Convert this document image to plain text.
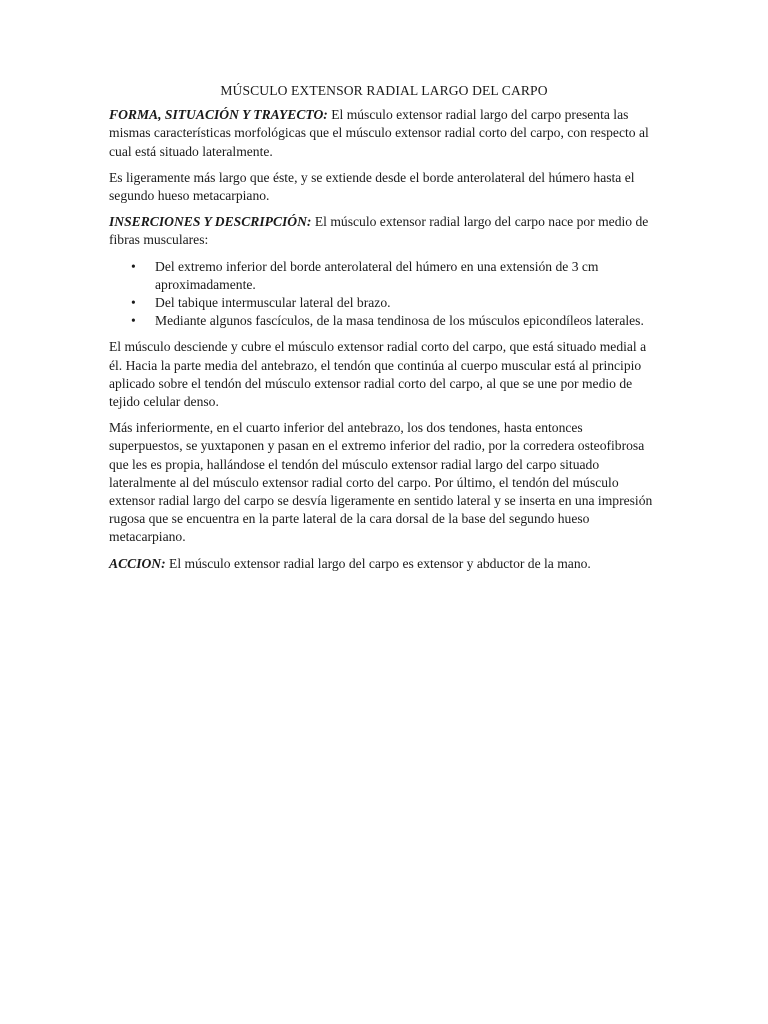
MÚSCULO EXTENSOR RADIAL LARGO DEL CARPO

FORMA, SITUACIÓN Y TRAYECTO: El músculo extensor radial largo del carpo presenta las mismas características morfológicas que el músculo extensor radial corto del carpo, con respecto al cual está situado lateralmente.

Es ligeramente más largo que éste, y se extiende desde el borde anterolateral del húmero hasta el segundo hueso metacarpiano.

INSERCIONES Y DESCRIPCIÓN: El músculo extensor radial largo del carpo nace por medio de fibras musculares:

• Del extremo inferior del borde anterolateral del húmero en una extensión de 3 cm aproximadamente.
• Del tabique intermuscular lateral del brazo.
• Mediante algunos fascículos, de la masa tendinosa de los músculos epicondíleos laterales.

El músculo desciende y cubre el músculo extensor radial corto del carpo, que está situado medial a él. Hacia la parte media del antebrazo, el tendón que continúa al cuerpo muscular está al principio aplicado sobre el tendón del músculo extensor radial corto del carpo, al que se une por medio de tejido celular denso.

Más inferiormente, en el cuarto inferior del antebrazo, los dos tendones, hasta entonces superpuestos, se yuxtaponen y pasan en el extremo inferior del radio, por la corredera osteofibrosa que les es propia, hallándose el tendón del músculo extensor radial largo del carpo situado lateralmente al del músculo extensor radial corto del carpo. Por último, el tendón del músculo extensor radial largo del carpo se desvía ligeramente en sentido lateral y se inserta en una impresión rugosa que se encuentra en la parte lateral de la cara dorsal de la base del segundo hueso metacarpiano.

ACCION: El músculo extensor radial largo del carpo es extensor y abductor de la mano.
